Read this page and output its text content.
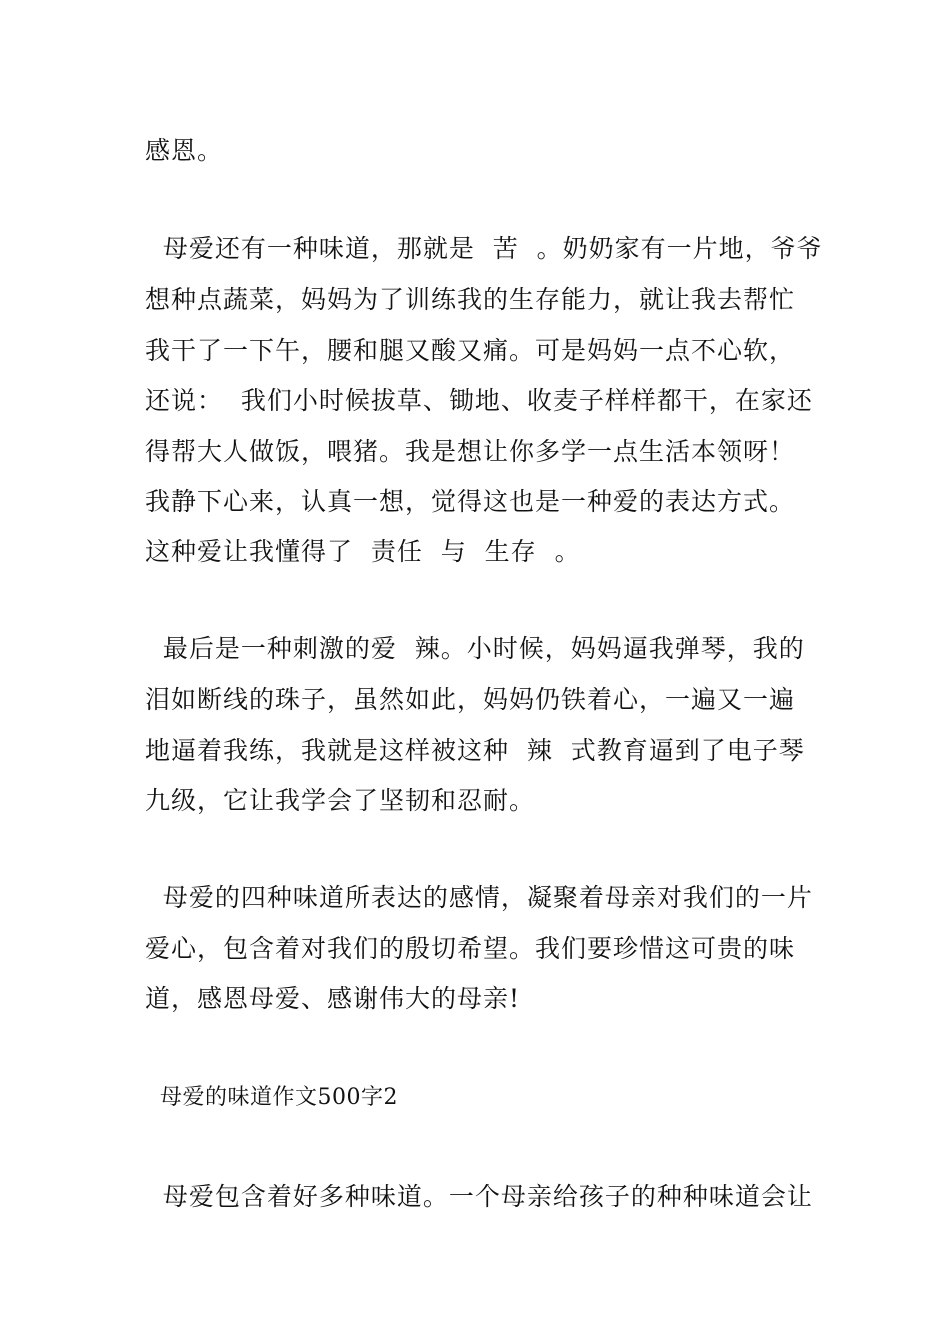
感恩。
母爱还有一种味道，那就是  苦  。奶奶家有一片地，爷爷
想种点蔬菜，妈妈为了训练我的生存能力，就让我去帮忙
我干了一下午，腰和腿又酸又痛。可是妈妈一点不心软，
还说：  我们小时候拔草、锄地、收麦子样样都干，在家还
得帮大人做饭，喂猪。我是想让你多学一点生活本领呀！
我静下心来，认真一想，觉得这也是一种爱的表达方式。
这种爱让我懂得了  责任  与  生存  。
最后是一种刺激的爱  辣。小时候，妈妈逼我弹琴，我的
泪如断线的珠子，虽然如此，妈妈仍铁着心，一遍又一遍
地逼着我练，我就是这样被这种  辣  式教育逼到了电子琴
九级，它让我学会了坚韧和忍耐。
母爱的四种味道所表达的感情，凝聚着母亲对我们的一片
爱心，包含着对我们的殷切希望。我们要珍惜这可贵的味
道，感恩母爱、感谢伟大的母亲!
母爱的味道作文500字2
母爱包含着好多种味道。一个母亲给孩子的种种味道会让
